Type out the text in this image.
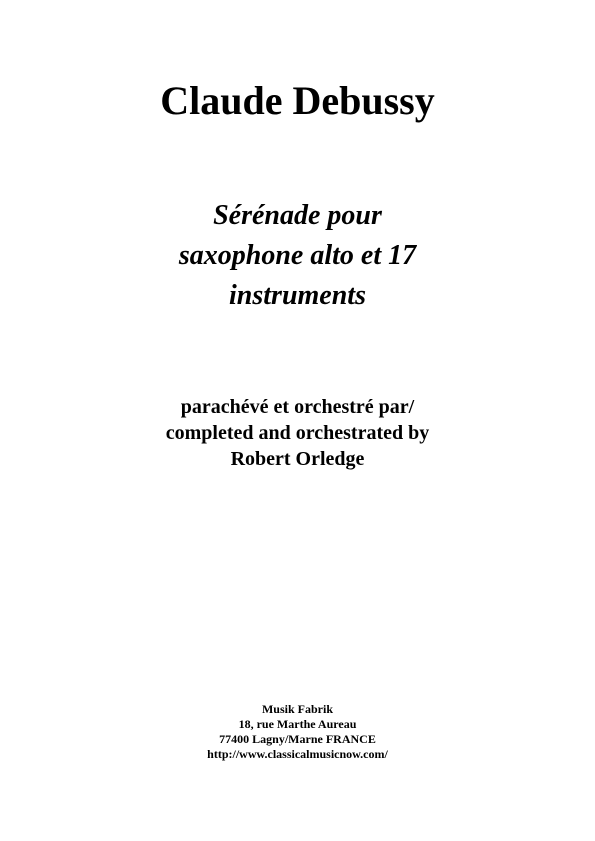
Claude Debussy
Sérénade pour
saxophone alto et 17
instruments
parachévé et orchestré par/
completed and orchestrated by
Robert Orledge
Musik Fabrik
18, rue Marthe Aureau
77400 Lagny/Marne FRANCE
http://www.classicalmusicnow.com/
